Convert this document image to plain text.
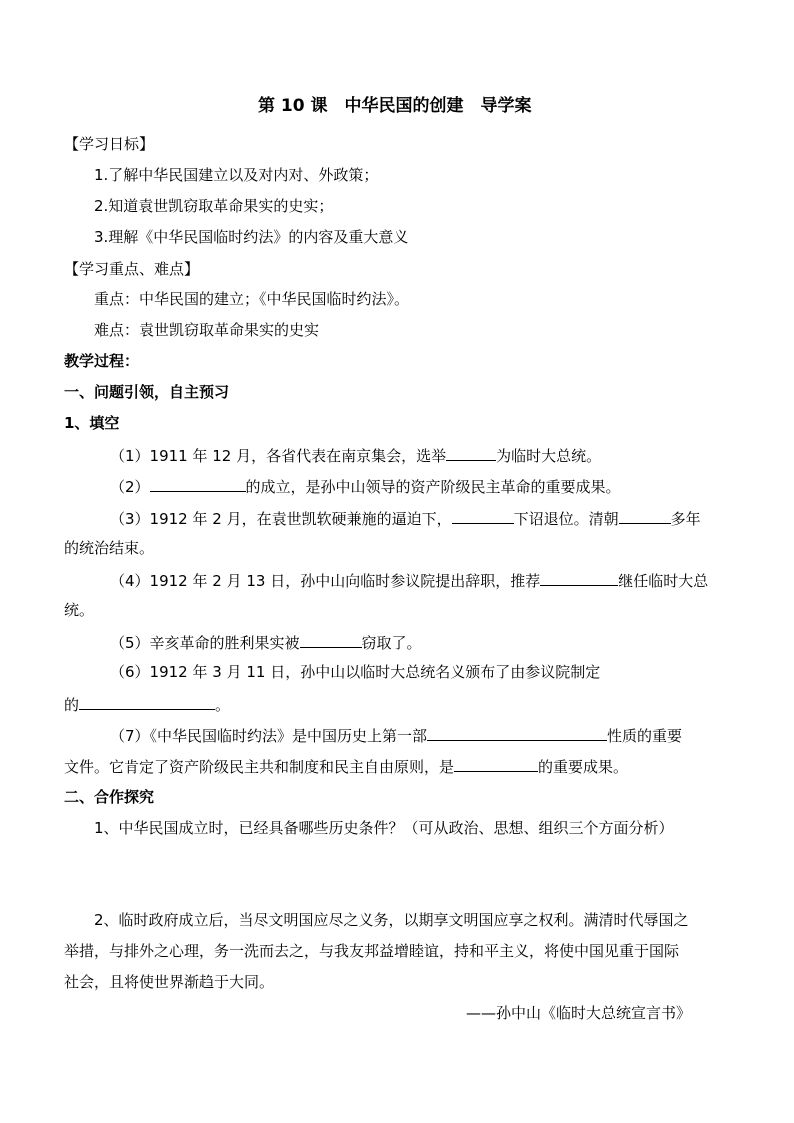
第 10 课　中华民国的创建　导学案
【学习日标】
1.了解中华民国建立以及对内对、外政策；
2.知道袁世凯窃取革命果实的史实；
3.理解《中华民国临时约法》的内容及重大意义
【学习重点、难点】
重点：中华民国的建立；《中华民国临时约法》。
难点：袁世凯窃取革命果实的史实
教学过程：
一、问题引领，自主预习
1、填空
（1）1911 年 12 月，各省代表在南京集会，选举	为临时大总统。
（2）	的成立，是孙中山领导的资产阶级民主革命的重要成果。
（3）1912 年 2 月，在袁世凯软硬兼施的逼迫下，	下诏退位。清朝	多年
的统治结束。
（4）1912 年 2 月 13 日，孙中山向临时参议院提出辞职，推荐	继任临时大总
统。
（5）辛亥革命的胜利果实被	窃取了。
（6）1912 年 3 月 11 日，孙中山以临时大总统名义颁布了由参议院制定
的	。
（7）《中华民国临时约法》是中国历史上第一部	性质的重要
文件。它肯定了资产阶级民主共和制度和民主自由原则，是	的重要成果。
二、合作探究
1、中华民国成立时，已经具备哪些历史条件？（可从政治、思想、组织三个方面分析）
2、临时政府成立后，当尽文明国应尽之义务，以期享文明国应享之权利。满清时代辱国之
举措，与排外之心理，务一洗而去之，与我友邦益增睦谊，持和平主义，将使中国见重于国际
社会，且将使世界渐趋于大同。
——孙中山《临时大总统宣言书》
